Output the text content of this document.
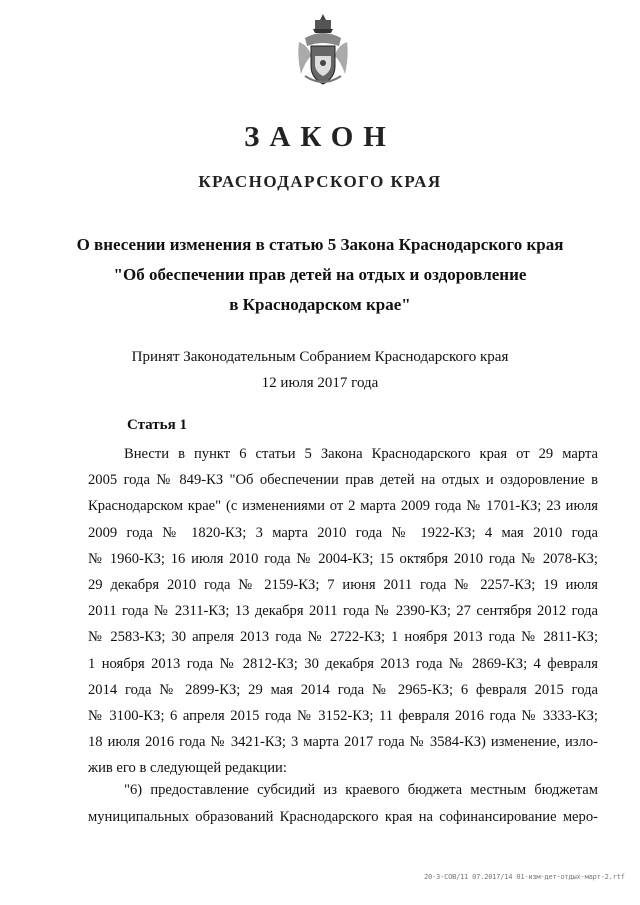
ЗАКОН
КРАСНОДАРСКОГО КРАЯ
О внесении изменения в статью 5 Закона Краснодарского края
"Об обеспечении прав детей на отдых и оздоровление
в Краснодарском крае"
Принят Законодательным Собранием Краснодарского края
12 июля 2017 года
Статья 1
Внести в пункт 6 статьи 5 Закона Краснодарского края от 29 марта
2005 года № 849-КЗ "Об обеспечении прав детей на отдых и оздоровление в
Краснодарском крае" (с изменениями от 2 марта 2009 года № 1701-КЗ; 23 июля
2009 года № 1820-КЗ; 3 марта 2010 года № 1922-КЗ; 4 мая 2010 года
№ 1960-КЗ; 16 июля 2010 года № 2004-КЗ; 15 октября 2010 года № 2078-КЗ;
29 декабря 2010 года № 2159-КЗ; 7 июня 2011 года № 2257-КЗ; 19 июля
2011 года № 2311-КЗ; 13 декабря 2011 года № 2390-КЗ; 27 сентября 2012 года
№ 2583-КЗ; 30 апреля 2013 года № 2722-КЗ; 1 ноября 2013 года № 2811-КЗ;
1 ноября 2013 года № 2812-КЗ; 30 декабря 2013 года № 2869-КЗ; 4 февраля
2014 года № 2899-КЗ; 29 мая 2014 года № 2965-КЗ; 6 февраля 2015 года
№ 3100-КЗ; 6 апреля 2015 года № 3152-КЗ; 11 февраля 2016 года № 3333-КЗ;
18 июля 2016 года № 3421-КЗ; 3 марта 2017 года № 3584-КЗ) изменение, изло-
жив его в следующей редакции:
"6) предоставление субсидий из краевого бюджета местным бюджетам
муниципальных образований Краснодарского края на софинансирование меро-
20-3-СОВ/11 07.2017/14 01-изм-дет-отдых-март-2.rtf
